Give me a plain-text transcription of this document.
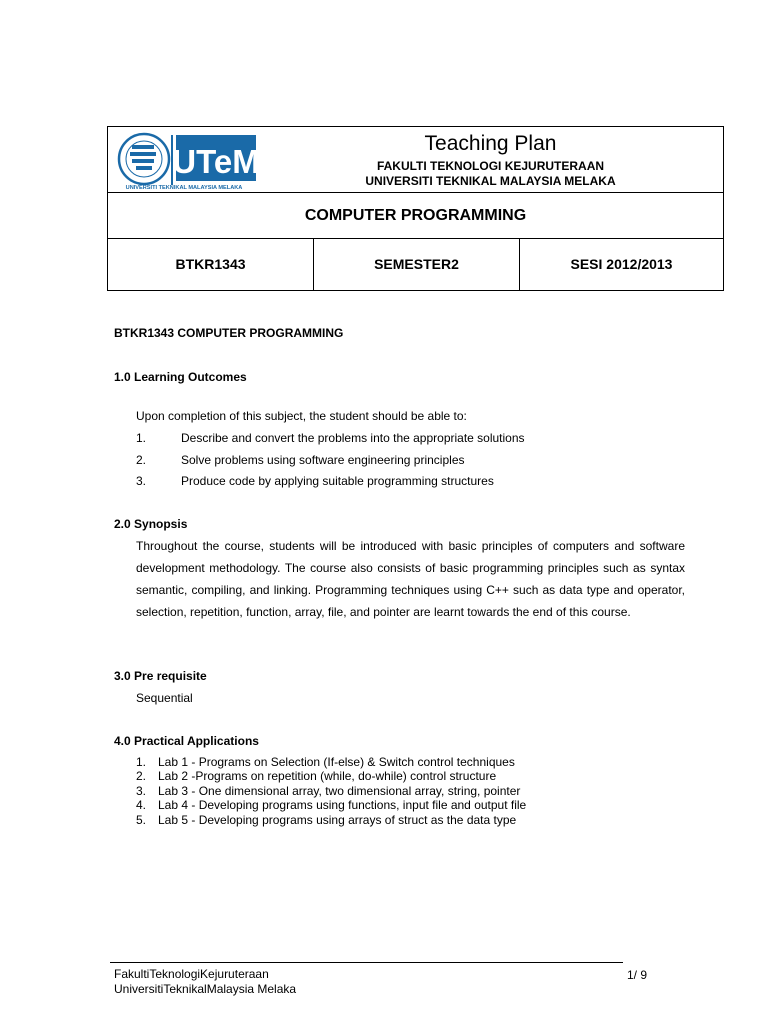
UTeM
UNIVERSITI TEKNIKAL MALAYSIA MELAKA
Teaching Plan
FAKULTI TEKNOLOGI KEJURUTERAAN
UNIVERSITI TEKNIKAL MALAYSIA MELAKA
COMPUTER PROGRAMMING
BTKR1343	SEMESTER2	SESI 2012/2013
BTKR1343 COMPUTER PROGRAMMING
1.0 Learning Outcomes
Upon completion of this subject, the student should be able to:
1.	Describe and convert the problems into the appropriate solutions
2.	Solve problems using software engineering principles
3.	Produce code by applying suitable programming structures
2.0 Synopsis
Throughout the course, students will be introduced with basic principles of computers and software development methodology. The course also consists of basic programming principles such as syntax semantic, compiling, and linking. Programming techniques using C++ such as data type and operator, selection, repetition, function, array, file, and pointer are learnt towards the end of this course.
3.0 Pre requisite
Sequential
4.0 Practical Applications
1. Lab 1 - Programs on Selection (If-else) & Switch control techniques
2. Lab 2 -Programs on repetition (while, do-while) control structure
3. Lab 3 - One dimensional array, two dimensional array, string, pointer
4. Lab 4 - Developing programs using functions, input file and output file
5. Lab 5 - Developing programs using arrays of struct as the data type
FakultiTeknologiKejuruteraan
UniversitiTeknikalMalaysia Melaka
1/ 9
